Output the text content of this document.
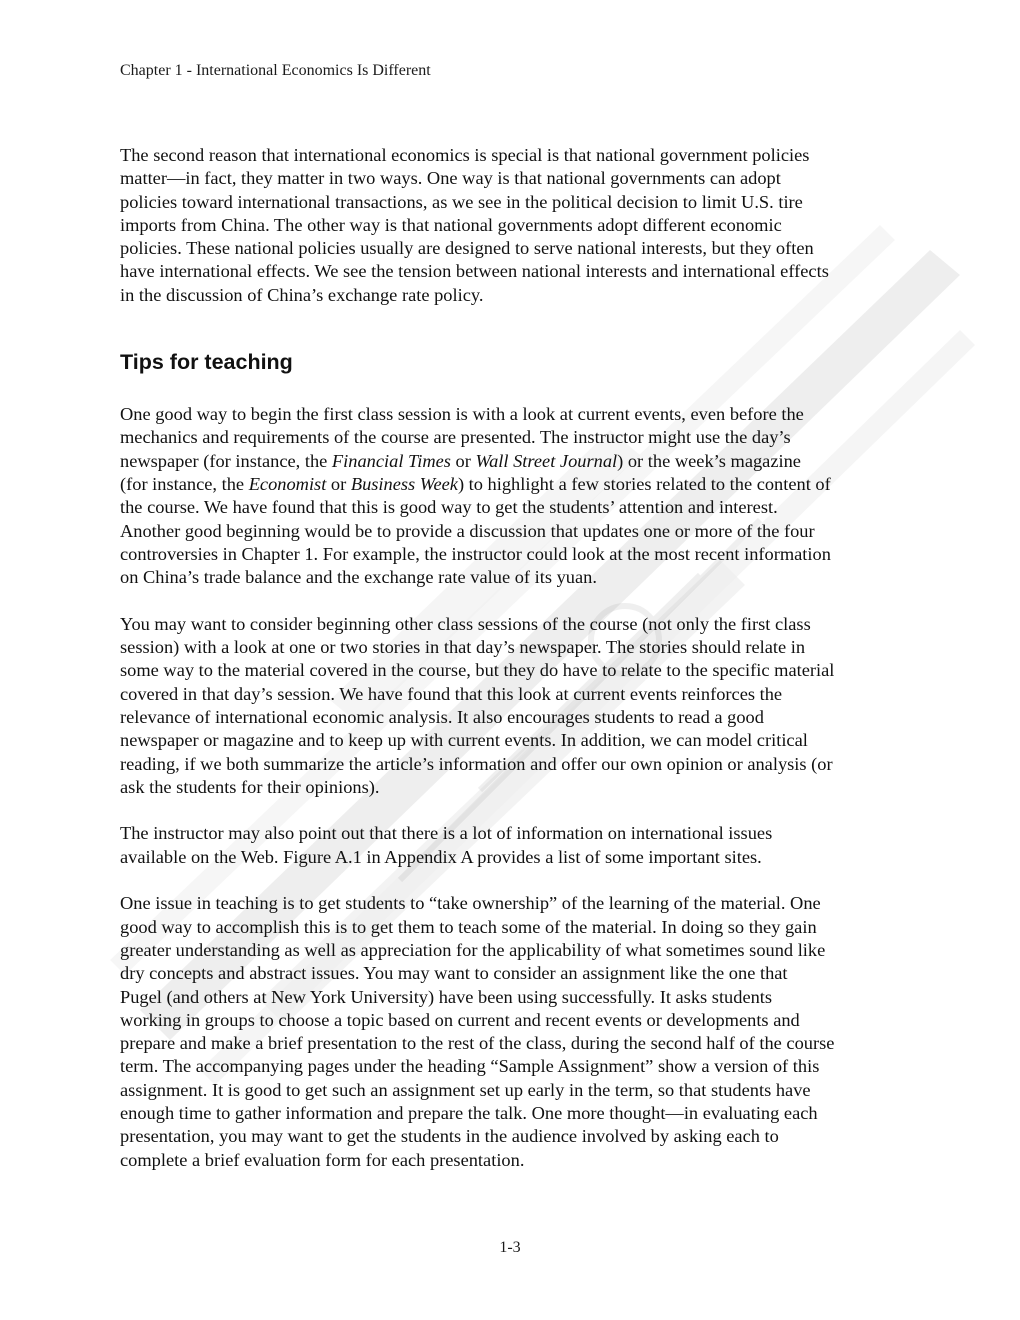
Chapter 1 - International Economics Is Different

The second reason that international economics is special is that national government policies
matter—in fact, they matter in two ways. One way is that national governments can adopt
policies toward international transactions, as we see in the political decision to limit U.S. tire
imports from China. The other way is that national governments adopt different economic
policies. These national policies usually are designed to serve national interests, but they often
have international effects. We see the tension between national interests and international effects
in the discussion of China’s exchange rate policy.

Tips for teaching

One good way to begin the first class session is with a look at current events, even before the
mechanics and requirements of the course are presented. The instructor might use the day’s
newspaper (for instance, the Financial Times or Wall Street Journal) or the week’s magazine
(for instance, the Economist or Business Week) to highlight a few stories related to the content of
the course. We have found that this is good way to get the students’ attention and interest.
Another good beginning would be to provide a discussion that updates one or more of the four
controversies in Chapter 1. For example, the instructor could look at the most recent information
on China’s trade balance and the exchange rate value of its yuan.

You may want to consider beginning other class sessions of the course (not only the first class
session) with a look at one or two stories in that day’s newspaper. The stories should relate in
some way to the material covered in the course, but they do have to relate to the specific material
covered in that day’s session. We have found that this look at current events reinforces the
relevance of international economic analysis. It also encourages students to read a good
newspaper or magazine and to keep up with current events. In addition, we can model critical
reading, if we both summarize the article’s information and offer our own opinion or analysis (or
ask the students for their opinions).

The instructor may also point out that there is a lot of information on international issues
available on the Web. Figure A.1 in Appendix A provides a list of some important sites.

One issue in teaching is to get students to “take ownership” of the learning of the material. One
good way to accomplish this is to get them to teach some of the material. In doing so they gain
greater understanding as well as appreciation for the applicability of what sometimes sound like
dry concepts and abstract issues. You may want to consider an assignment like the one that
Pugel (and others at New York University) have been using successfully. It asks students
working in groups to choose a topic based on current and recent events or developments and
prepare and make a brief presentation to the rest of the class, during the second half of the course
term. The accompanying pages under the heading “Sample Assignment” show a version of this
assignment. It is good to get such an assignment set up early in the term, so that students have
enough time to gather information and prepare the talk. One more thought—in evaluating each
presentation, you may want to get the students in the audience involved by asking each to
complete a brief evaluation form for each presentation.

1-3
